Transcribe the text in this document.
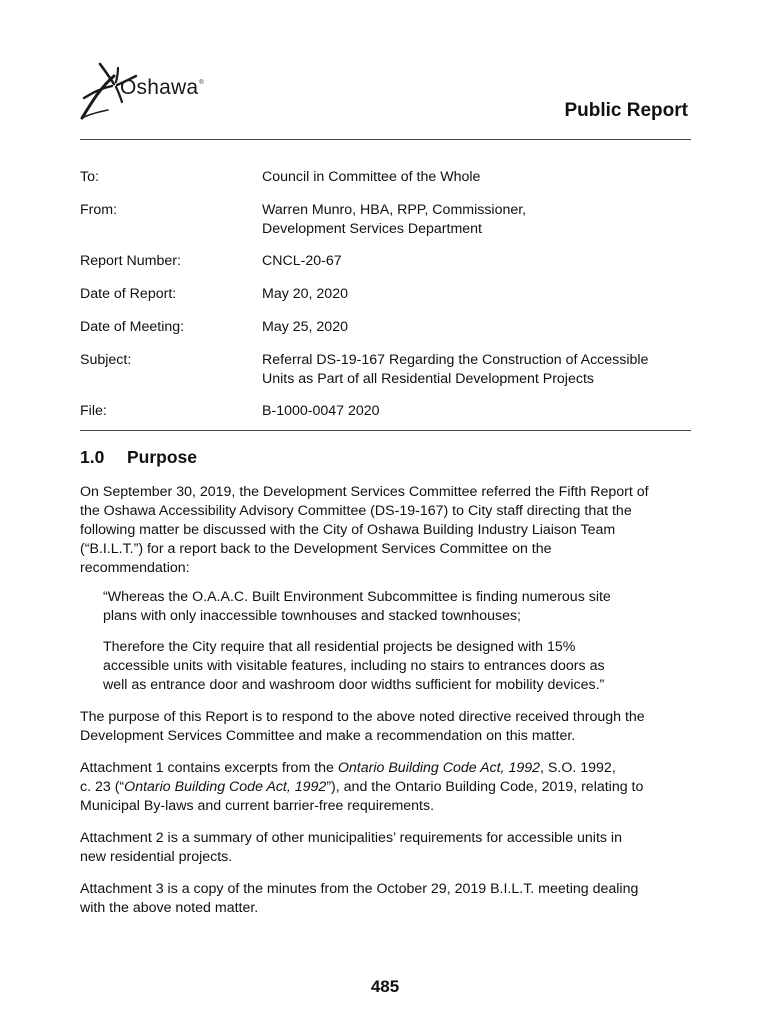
Oshawa®
Public Report
To:	Council in Committee of the Whole
From:	Warren Munro, HBA, RPP, Commissioner,
Development Services Department
Report Number:	CNCL-20-67
Date of Report:	May 20, 2020
Date of Meeting:	May 25, 2020
Subject:	Referral DS-19-167 Regarding the Construction of Accessible
Units as Part of all Residential Development Projects
File:	B-1000-0047 2020
1.0 Purpose
On September 30, 2019, the Development Services Committee referred the Fifth Report of
the Oshawa Accessibility Advisory Committee (DS-19-167) to City staff directing that the
following matter be discussed with the City of Oshawa Building Industry Liaison Team
(“B.I.L.T.”) for a report back to the Development Services Committee on the
recommendation:
“Whereas the O.A.A.C. Built Environment Subcommittee is finding numerous site
plans with only inaccessible townhouses and stacked townhouses;
Therefore the City require that all residential projects be designed with 15%
accessible units with visitable features, including no stairs to entrances doors as
well as entrance door and washroom door widths sufficient for mobility devices.”
The purpose of this Report is to respond to the above noted directive received through the
Development Services Committee and make a recommendation on this matter.
Attachment 1 contains excerpts from the Ontario Building Code Act, 1992, S.O. 1992,
c. 23 (“Ontario Building Code Act, 1992”), and the Ontario Building Code, 2019, relating to
Municipal By-laws and current barrier-free requirements.
Attachment 2 is a summary of other municipalities’ requirements for accessible units in
new residential projects.
Attachment 3 is a copy of the minutes from the October 29, 2019 B.I.L.T. meeting dealing
with the above noted matter.
485
